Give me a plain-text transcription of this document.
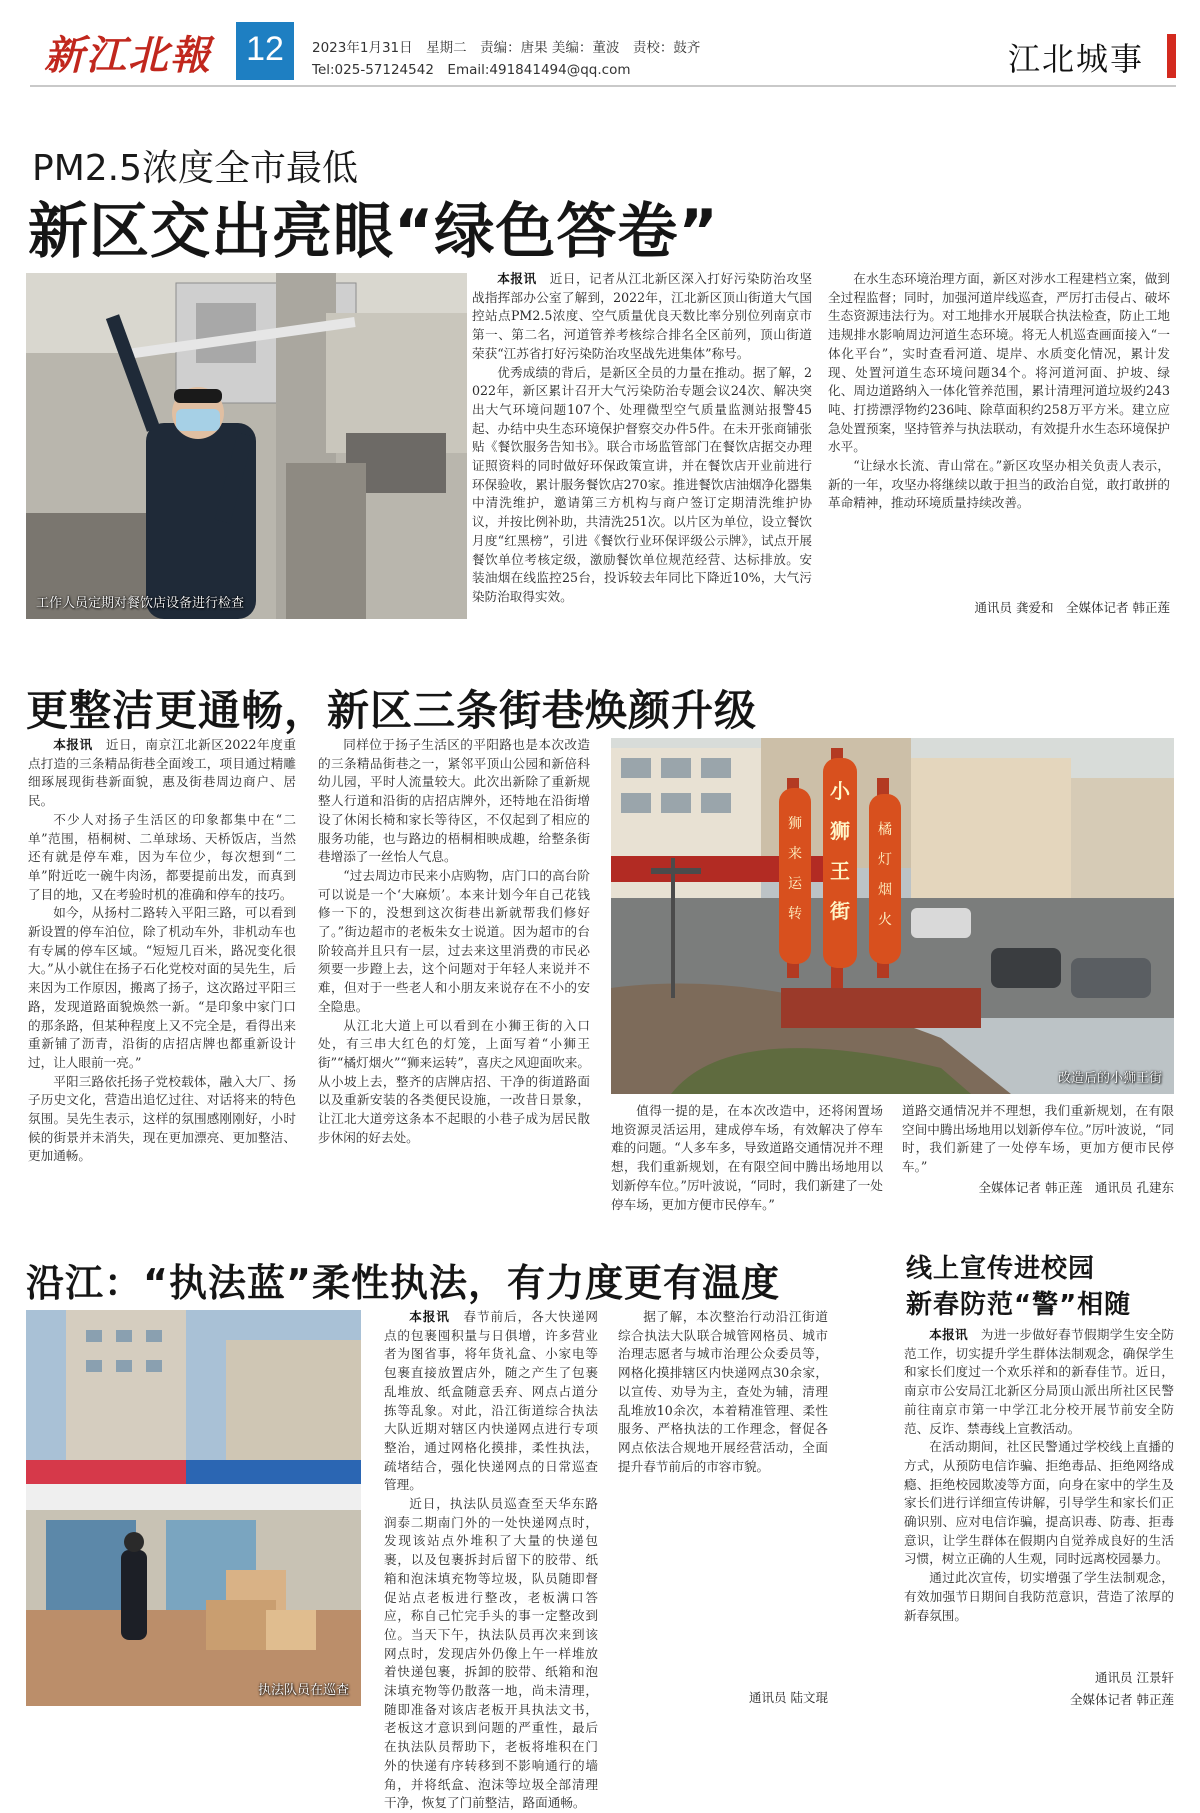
新江北報 12	2023年1月31日　星期二　责编：唐果 美编：董波　责校：鼓齐
Tel:025-57124542　Email:491841494@qq.com	江北城事
PM2.5浓度全市最低
新区交出亮眼“绿色答卷”
工作人员定期对餐饮店设备进行检查

本报讯　 近日，记者从江北新区深入打好污染防治攻坚战指挥部办公室了解到，2022年，江北新区顶山街道大气国控站点PM2.5浓度、空气质量优良天数比率分别位列南京市第一、第二名，河道管养考核综合排名全区前列，顶山街道荣获“江苏省打好污染防治攻坚战先进集体”称号。

优秀成绩的背后，是新区全员的力量在推动。据了解，2022年，新区累计召开大气污染防治专题会议24次、解决突出大气环境问题107个、处理微型空气质量监测站报警45起、办结中央生态环境保护督察交办件5件。在未开张商铺张贴《餐饮服务告知书》。联合市场监管部门在餐饮店据交办理证照资料的同时做好环保政策宣讲，并在餐饮店开业前进行环保验收，累计服务餐饮店270家。推进餐饮店油烟净化器集中清洗维护，邀请第三方机构与商户签订定期清洗维护协议，并按比例补助，共清洗251次。以片区为单位，设立餐饮月度“红黑榜”，引进《餐饮行业环保评级公示牌》，试点开展餐饮单位考核定级，激励餐饮单位规范经营、达标排放。安装油烟在线监控25台，投诉较去年同比下降近10%，大气污染防治取得实效。

在水生态环境治理方面，新区对涉水工程建档立案，做到全过程监督；同时，加强河道岸线巡查，严厉打击侵占、破坏生态资源违法行为。对工地排水开展联合执法检查，防止工地违规排水影响周边河道生态环境。将无人机巡查画面接入“一体化平台”，实时查看河道、堤岸、水质变化情况，累计发现、处置河道生态环境问题34个。将河道河面、护坡、绿化、周边道路纳入一体化管养范围，累计清理河道垃圾约243吨、打捞漂浮物约236吨、除草面积约258万平方米。建立应急处置预案，坚持管养与执法联动，有效提升水生态环境保护水平。

“让绿水长流、青山常在。”新区攻坚办相关负责人表示，新的一年，攻坚办将继续以敢于担当的政治自觉，敢打敢拼的革命精神，推动环境质量持续改善。

通讯员 龚爱和　全媒体记者 韩正莲
更整洁更通畅，新区三条街巷焕颜升级

本报讯　 近日，南京江北新区2022年度重点打造的三条精品街巷全面竣工，项目通过精雕细琢展现街巷新面貌，惠及街巷周边商户、居民。

不少人对扬子生活区的印象都集中在“二单”范围，梧桐树、二单球场、天桥饭店，当然还有就是停车难，因为车位少，每次想到“二单”附近吃一碗牛肉汤，都要提前出发，而真到了目的地，又在考验时机的准确和停车的技巧。

如今，从扬村二路转入平阳三路，可以看到新设置的停车泊位，除了机动车外，非机动车也有专属的停车区域。“短短几百米，路况变化很大。”从小就住在扬子石化党校对面的吴先生，后来因为工作原因，搬离了扬子，这次路过平阳三路，发现道路面貌焕然一新。“是印象中家门口的那条路，但某种程度上又不完全是，看得出来重新铺了沥青，沿街的店招店牌也都重新设计过，让人眼前一亮。”

平阳三路依托扬子党校载体，融入大厂、扬子历史文化，营造出追忆过往、对话将来的特色氛围。吴先生表示，这样的氛围感刚刚好，小时候的街景并未消失，现在更加漂亮、更加整洁、更加通畅。

同样位于扬子生活区的平阳路也是本次改造的三条精品街巷之一，紧邻平顶山公园和新倍科幼儿园，平时人流量较大。此次出新除了重新规整人行道和沿街的店招店牌外，还特地在沿街增设了休闲长椅和家长等待区，不仅起到了相应的服务功能，也与路边的梧桐相映成趣，给整条街巷增添了一丝怡人气息。

“过去周边市民来小店购物，店门口的高台阶可以说是一个‘大麻烦’。本来计划今年自己花钱修一下的，没想到这次街巷出新就帮我们修好了。”街边超市的老板朱女士说道。因为超市的台阶较高并且只有一层，过去来这里消费的市民必须要一步蹬上去，这个问题对于年轻人来说并不难，但对于一些老人和小朋友来说存在不小的安全隐患。

从江北大道上可以看到在小狮王街的入口处，有三串大红色的灯笼，上面写着“小狮王街”“橘灯烟火”“狮来运转”，喜庆之风迎面吹来。从小坡上去，整齐的店牌店招、干净的街道路面以及重新安装的各类便民设施，一改昔日景象，让江北大道旁这条本不起眼的小巷子成为居民散步休闲的好去处。

小
狮
王
街
狮
来
运
转
橘
灯
烟
火
改造后的小狮王街

值得一提的是，在本次改造中，还将闲置场地资源灵活运用，建成停车场，有效解决了停车难的问题。“人多车多，导致道路交通情况并不理想，我们重新规划，在有限空间中腾出场地用以划新停车位。”厉叶波说，“同时，我们新建了一处停车场，更加方便市民停车。”

道路交通情况并不理想，我们重新规划，在有限空间中腾出场地用以划新停车位。”厉叶波说，“同时，我们新建了一处停车场，更加方便市民停车。”

全媒体记者 韩正莲　通讯员 孔建东
沿江：“执法蓝”柔性执法，有力度更有温度
执法队员在巡查

本报讯　 春节前后，各大快递网点的包裹囤积量与日俱增，许多营业者为图省事，将年货礼盒、小家电等包裹直接放置店外，随之产生了包裹乱堆放、纸盒随意丢弃、网点占道分拣等乱象。对此，沿江街道综合执法大队近期对辖区内快递网点进行专项整治，通过网格化摸排，柔性执法，疏堵结合，强化快递网点的日常巡查管理。

近日，执法队员巡查至天华东路润泰二期南门外的一处快递网点时，发现该站点外堆积了大量的快递包裹，以及包裹拆封后留下的胶带、纸箱和泡沫填充物等垃圾，队员随即督促站点老板进行整改，老板满口答应，称自己忙完手头的事一定整改到位。当天下午，执法队员再次来到该网点时，发现店外仍像上午一样堆放着快递包裹，拆卸的胶带、纸箱和泡沫填充物等仍散落一地，尚未清理，随即准备对该店老板开具执法文书，老板这才意识到问题的严重性，最后在执法队员帮助下，老板将堆积在门外的快递有序转移到不影响通行的墙角，并将纸盒、泡沫等垃圾全部清理干净，恢复了门前整洁，路面通畅。

据了解，本次整治行动沿江街道综合执法大队联合城管网格员、城市治理志愿者与城市治理公众委员等，网格化摸排辖区内快递网点30余家，以宣传、劝导为主，查处为辅，清理乱堆放10余次，本着精准管理、柔性服务、严格执法的工作理念，督促各网点依法合规地开展经营活动，全面提升春节前后的市容市貌。

通讯员 陆文琨
线上宣传进校园
新春防范“警”相随

本报讯　 为进一步做好春节假期学生安全防范工作，切实提升学生群体法制观念，确保学生和家长们度过一个欢乐祥和的新春佳节。近日，南京市公安局江北新区分局顶山派出所社区民警前往南京市第一中学江北分校开展节前安全防范、反诈、禁毒线上宣教活动。

在活动期间，社区民警通过学校线上直播的方式，从预防电信诈骗、拒绝毒品、拒绝网络成瘾、拒绝校园欺凌等方面，向身在家中的学生及家长们进行详细宣传讲解，引导学生和家长们正确识别、应对电信诈骗，提高识毒、防毒、拒毒意识，让学生群体在假期内自觉养成良好的生活习惯，树立正确的人生观，同时远离校园暴力。

通过此次宣传，切实增强了学生法制观念，有效加强节日期间自我防范意识，营造了浓厚的新春氛围。

通讯员 江景轩
全媒体记者 韩正莲
